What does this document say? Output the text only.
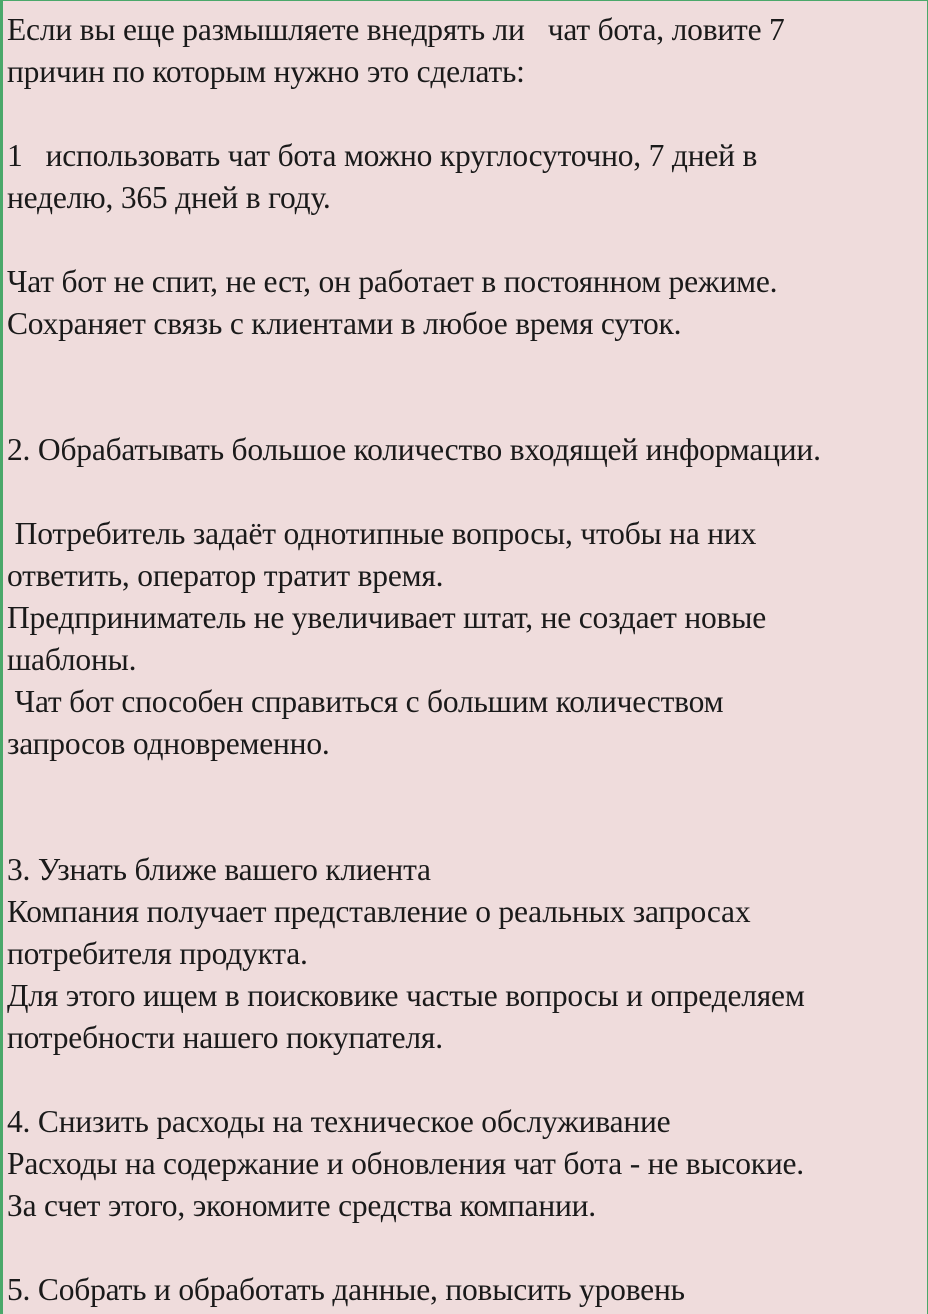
Если вы еще размышляете внедрять ли   чат бота, ловите 7
причин по которым нужно это сделать:
1   использовать чат бота можно круглосуточно, 7 дней в
неделю, 365 дней в году.
Чат бот не спит, не ест, он работает в постоянном режиме.
Сохраняет связь с клиентами в любое время суток.
2. Обрабатывать большое количество входящей информации.
Потребитель задаёт однотипные вопросы, чтобы на них
ответить, оператор тратит время.
Предприниматель не увеличивает штат, не создает новые
шаблоны.
Чат бот способен справиться с большим количеством
запросов одновременно.
3. Узнать ближе вашего клиента
Компания получает представление о реальных запросах
потребителя продукта.
Для этого ищем в поисковике частые вопросы и определяем
потребности нашего покупателя.
4. Снизить расходы на техническое обслуживание
Расходы на содержание и обновления чат бота - не высокие.
За счет этого, экономите средства компании.
5. Собрать и обработать данные, повысить уровень
